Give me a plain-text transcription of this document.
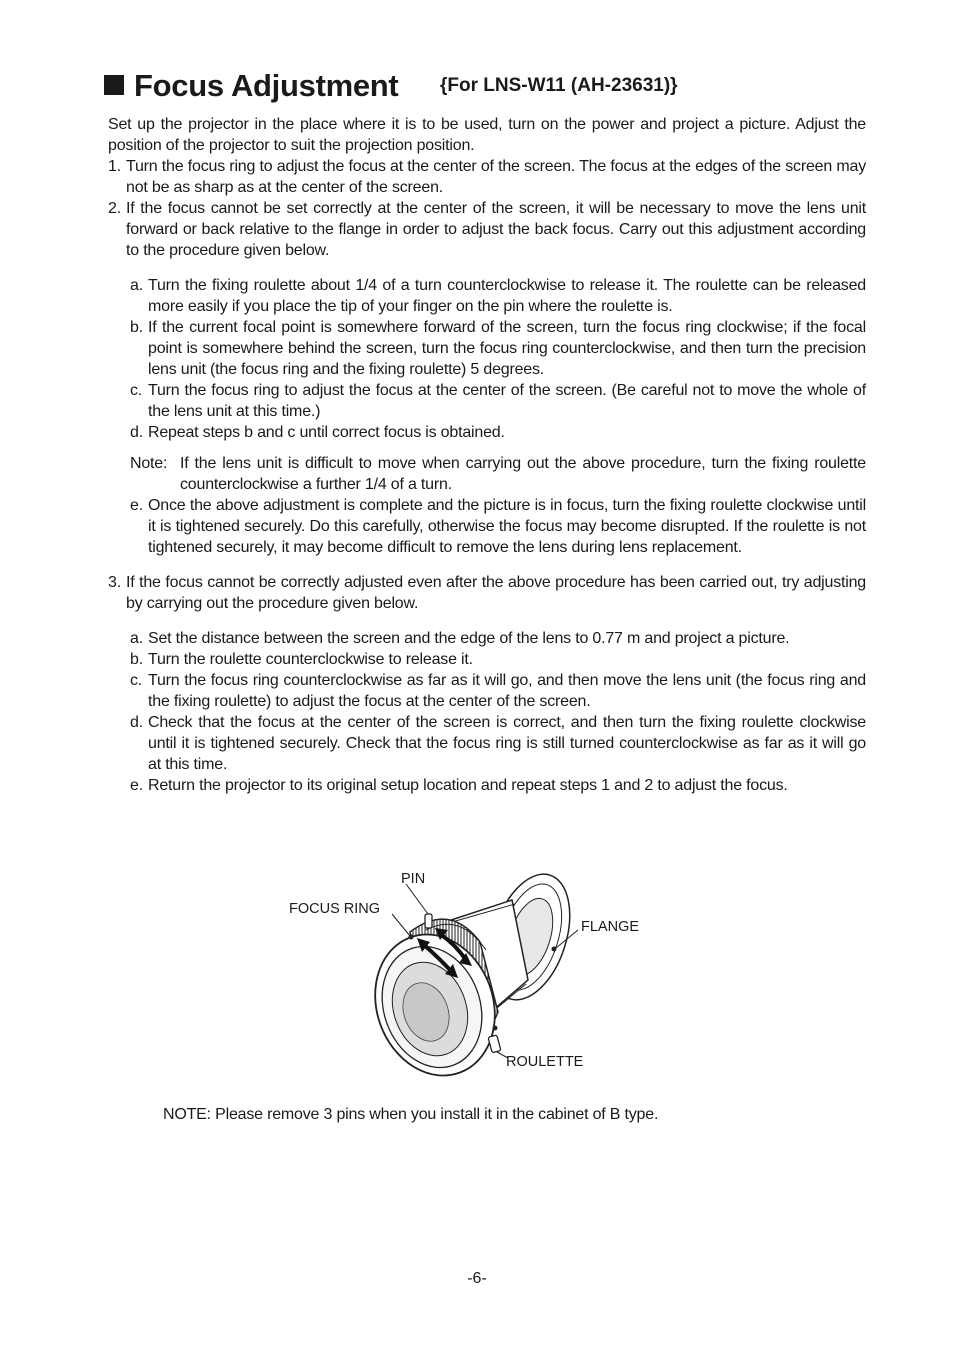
Focus Adjustment {For LNS-W11 (AH-23631)}

Set up the projector in the place where it is to be used, turn on the power and project a picture. Adjust the position of the projector to suit the projection position.

1. Turn the focus ring to adjust the focus at the center of the screen. The focus at the edges of the screen may not be as sharp as at the center of the screen.
2. If the focus cannot be set correctly at the center of the screen, it will be necessary to move the lens unit forward or back relative to the flange in order to adjust the back focus. Carry out this adjustment according to the procedure given below.
a. Turn the fixing roulette about 1/4 of a turn counterclockwise to release it. The roulette can be released more easily if you place the tip of your finger on the pin where the roulette is.
b. If the current focal point is somewhere forward of the screen, turn the focus ring clockwise; if the focal point is somewhere behind the screen, turn the focus ring counterclockwise, and then turn the precision lens unit (the focus ring and the fixing roulette) 5 degrees.
c. Turn the focus ring to adjust the focus at the center of the screen. (Be careful not to move the whole of the lens unit at this time.)
d. Repeat steps b and c until correct focus is obtained.
Note: If the lens unit is difficult to move when carrying out the above procedure, turn the fixing roulette counterclockwise a further 1/4 of a turn.
e. Once the above adjustment is complete and the picture is in focus, turn the fixing roulette clockwise until it is tightened securely. Do this carefully, otherwise the focus may become disrupted. If the roulette is not tightened securely, it may become difficult to remove the lens during lens replacement.
3. If the focus cannot be correctly adjusted even after the above procedure has been carried out, try adjusting by carrying out the procedure given below.
a. Set the distance between the screen and the edge of the lens to 0.77 m and project a picture.
b. Turn the roulette counterclockwise to release it.
c. Turn the focus ring counterclockwise as far as it will go, and then move the lens unit (the focus ring and the fixing roulette) to adjust the focus at the center of the screen.
d. Check that the focus at the center of the screen is correct, and then turn the fixing roulette clockwise until it is tightened securely. Check that the focus ring is still turned counterclockwise as far as it will go at this time.
e. Return the projector to its original setup location and repeat steps 1 and 2 to adjust the focus.
PIN
FOCUS RING
FLANGE
ROULETTE
NOTE: Please remove 3 pins when you install it in the cabinet of B type.
-6-
